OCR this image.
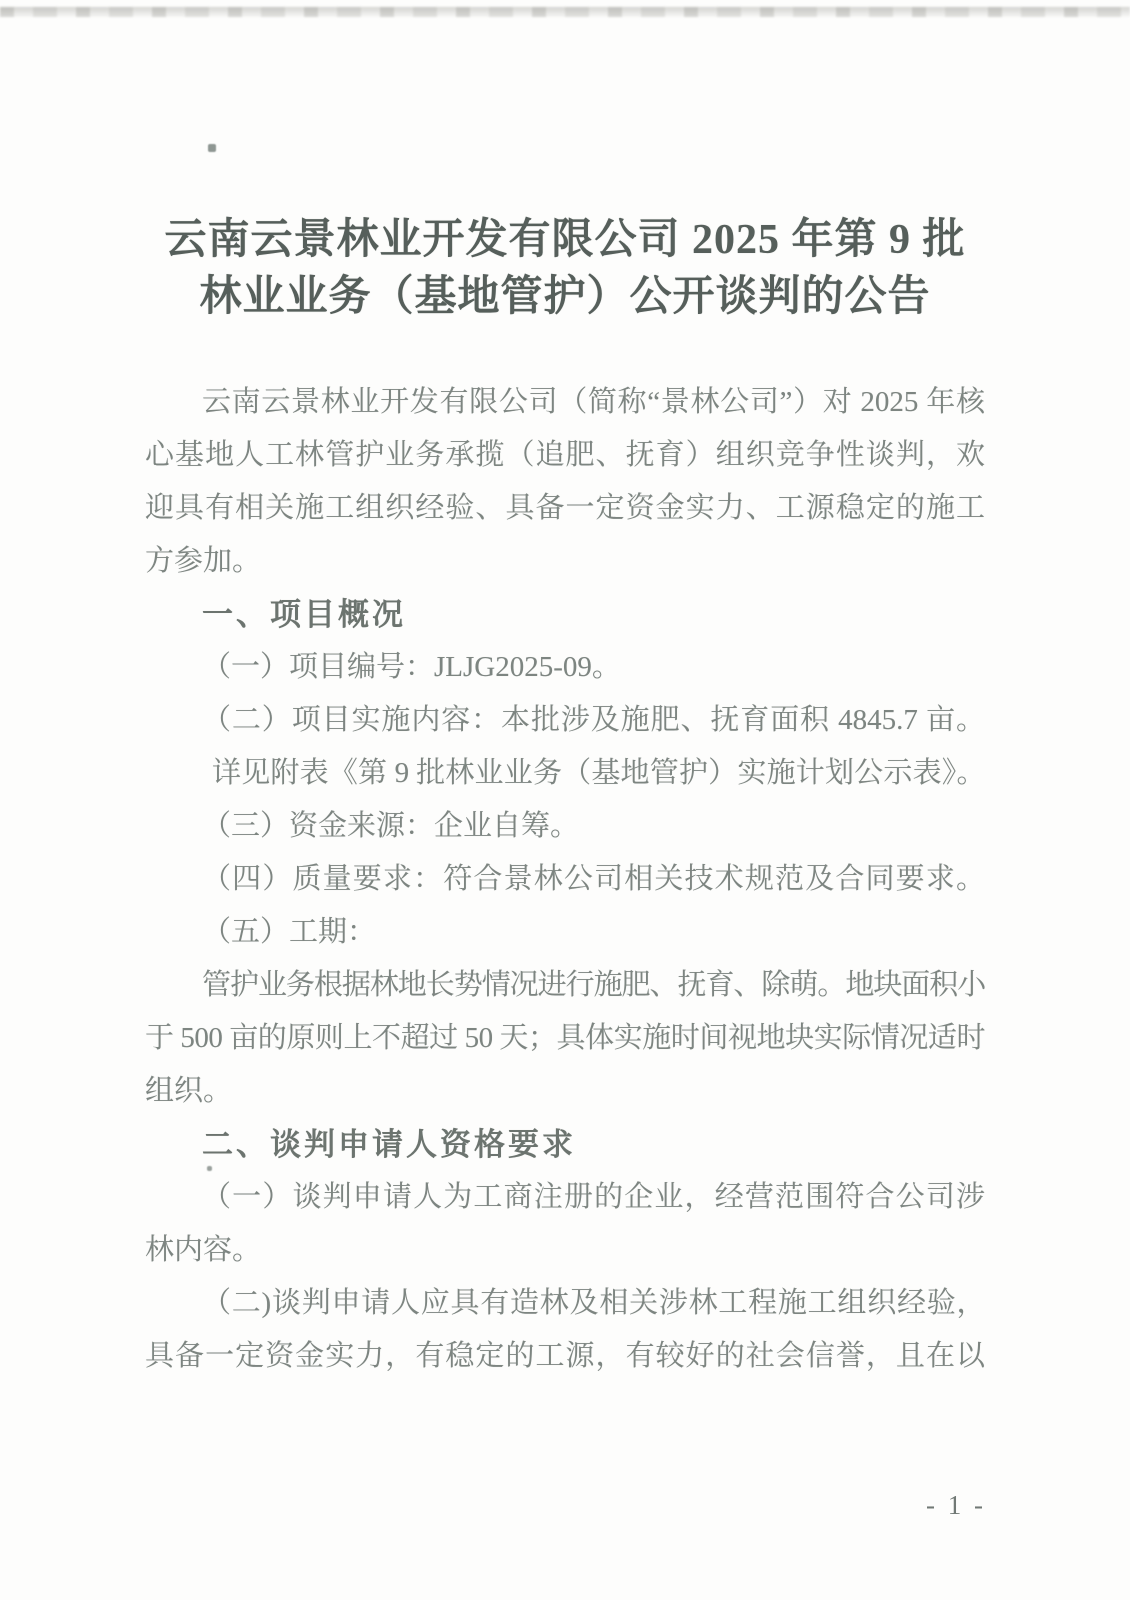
云南云景林业开发有限公司 2025 年第 9 批
林业业务（基地管护）公开谈判的公告
云南云景林业开发有限公司（简称“景林公司”）对 2025 年核
心基地人工林管护业务承揽（追肥、抚育）组织竞争性谈判，欢
迎具有相关施工组织经验、具备一定资金实力、工源稳定的施工
方参加。
一、项目概况
（一）项目编号：JLJG2025-09。
（二）项目实施内容：本批涉及施肥、抚育面积 4845.7 亩。
详见附表《第 9 批林业业务（基地管护）实施计划公示表》。
（三）资金来源：企业自筹。
（四）质量要求：符合景林公司相关技术规范及合同要求。
（五）工期：
管护业务根据林地长势情况进行施肥、抚育、除萌。地块面积小
于 500 亩的原则上不超过 50 天；具体实施时间视地块实际情况适时
组织。
二、谈判申请人资格要求
（一）谈判申请人为工商注册的企业，经营范围符合公司涉
林内容。
（二)谈判申请人应具有造林及相关涉林工程施工组织经验，
具备一定资金实力，有稳定的工源，有较好的社会信誉，且在以
- 1 -
